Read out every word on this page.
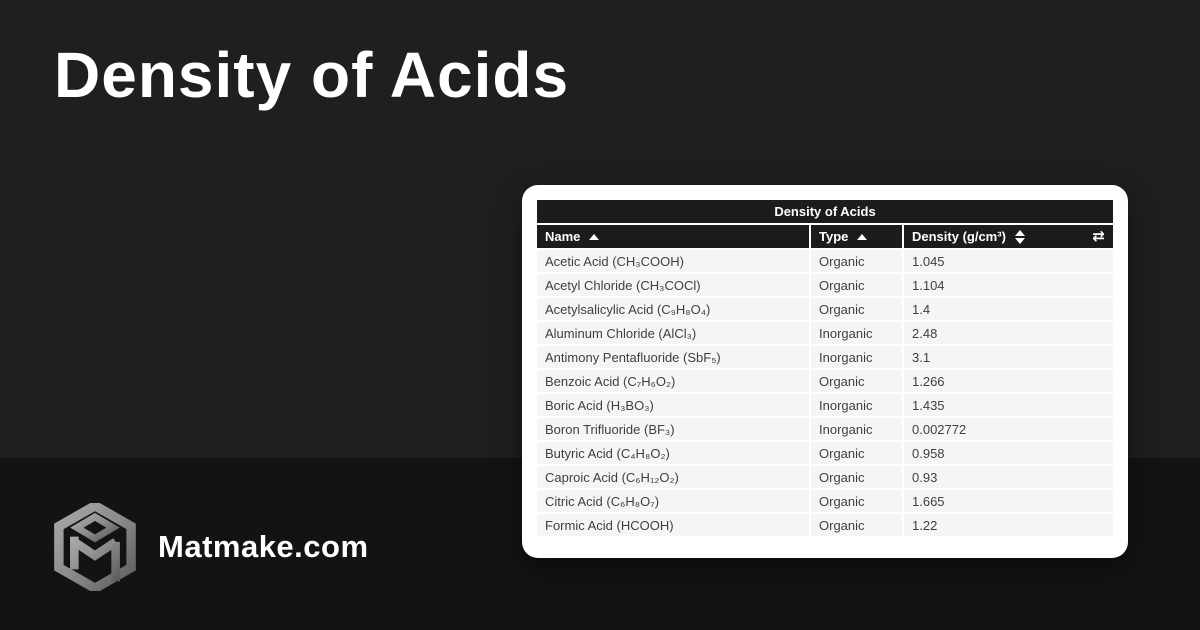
Density of Acids
Density of Acids		

Name	Type	Density (g/cm³) ⇄

Acetic Acid (CH₃COOH)	Organic	1.045
Acetyl Chloride (CH₃COCl)	Organic	1.104
Acetylsalicylic Acid (C₉H₈O₄)	Organic	1.4
Aluminum Chloride (AlCl₃)	Inorganic	2.48
Antimony Pentafluoride (SbF₅)	Inorganic	3.1
Benzoic Acid (C₇H₆O₂)	Organic	1.266
Boric Acid (H₃BO₃)	Inorganic	1.435
Boron Trifluoride (BF₃)	Inorganic	0.002772
Butyric Acid (C₄H₈O₂)	Organic	0.958
Caproic Acid (C₆H₁₂O₂)	Organic	0.93
Citric Acid (C₆H₈O₇)	Organic	1.665
Formic Acid (HCOOH)	Organic	1.22
Matmake.com
